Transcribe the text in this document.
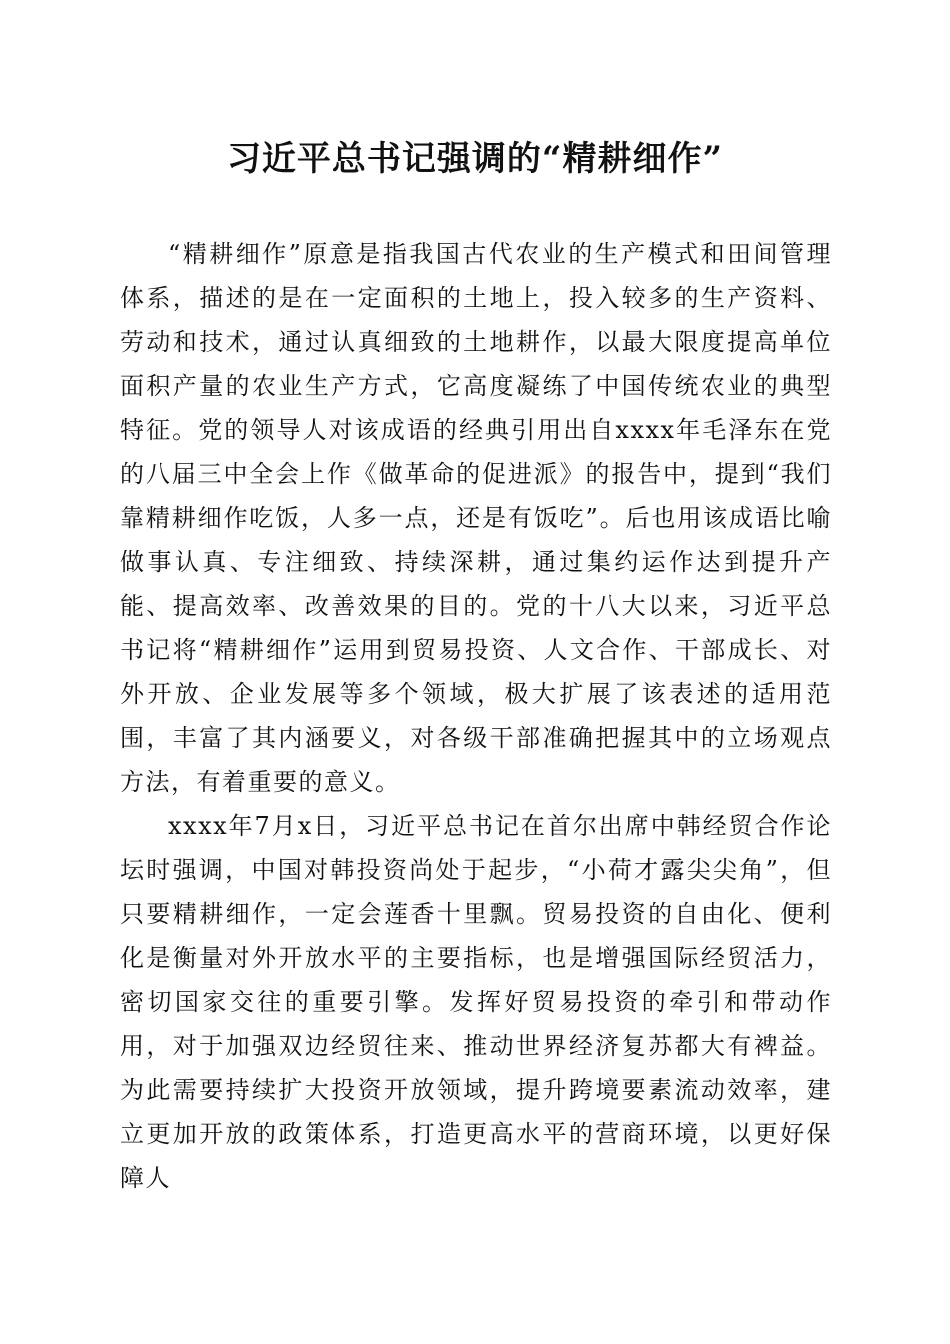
习近平总书记强调的“精耕细作”

“精耕细作”原意是指我国古代农业的生产模式和田间管理体系，描述的是在一定面积的土地上，投入较多的生产资料、劳动和技术，通过认真细致的土地耕作，以最大限度提高单位面积产量的农业生产方式，它高度凝练了中国传统农业的典型特征。党的领导人对该成语的经典引用出自xxxx年毛泽东在党的八届三中全会上作《做革命的促进派》的报告中，提到“我们靠精耕细作吃饭，人多一点，还是有饭吃”。后也用该成语比喻做事认真、专注细致、持续深耕，通过集约运作达到提升产能、提高效率、改善效果的目的。党的十八大以来，习近平总书记将“精耕细作”运用到贸易投资、人文合作、干部成长、对外开放、企业发展等多个领域，极大扩展了该表述的适用范围，丰富了其内涵要义，对各级干部准确把握其中的立场观点方法，有着重要的意义。

xxxx年7月x日，习近平总书记在首尔出席中韩经贸合作论坛时强调，中国对韩投资尚处于起步，“小荷才露尖尖角”，但只要精耕细作，一定会莲香十里飘。贸易投资的自由化、便利化是衡量对外开放水平的主要指标，也是增强国际经贸活力，密切国家交往的重要引擎。发挥好贸易投资的牵引和带动作用，对于加强双边经贸往来、推动世界经济复苏都大有裨益。为此需要持续扩大投资开放领域，提升跨境要素流动效率，建立更加开放的政策体系，打造更高水平的营商环境，以更好保障人
